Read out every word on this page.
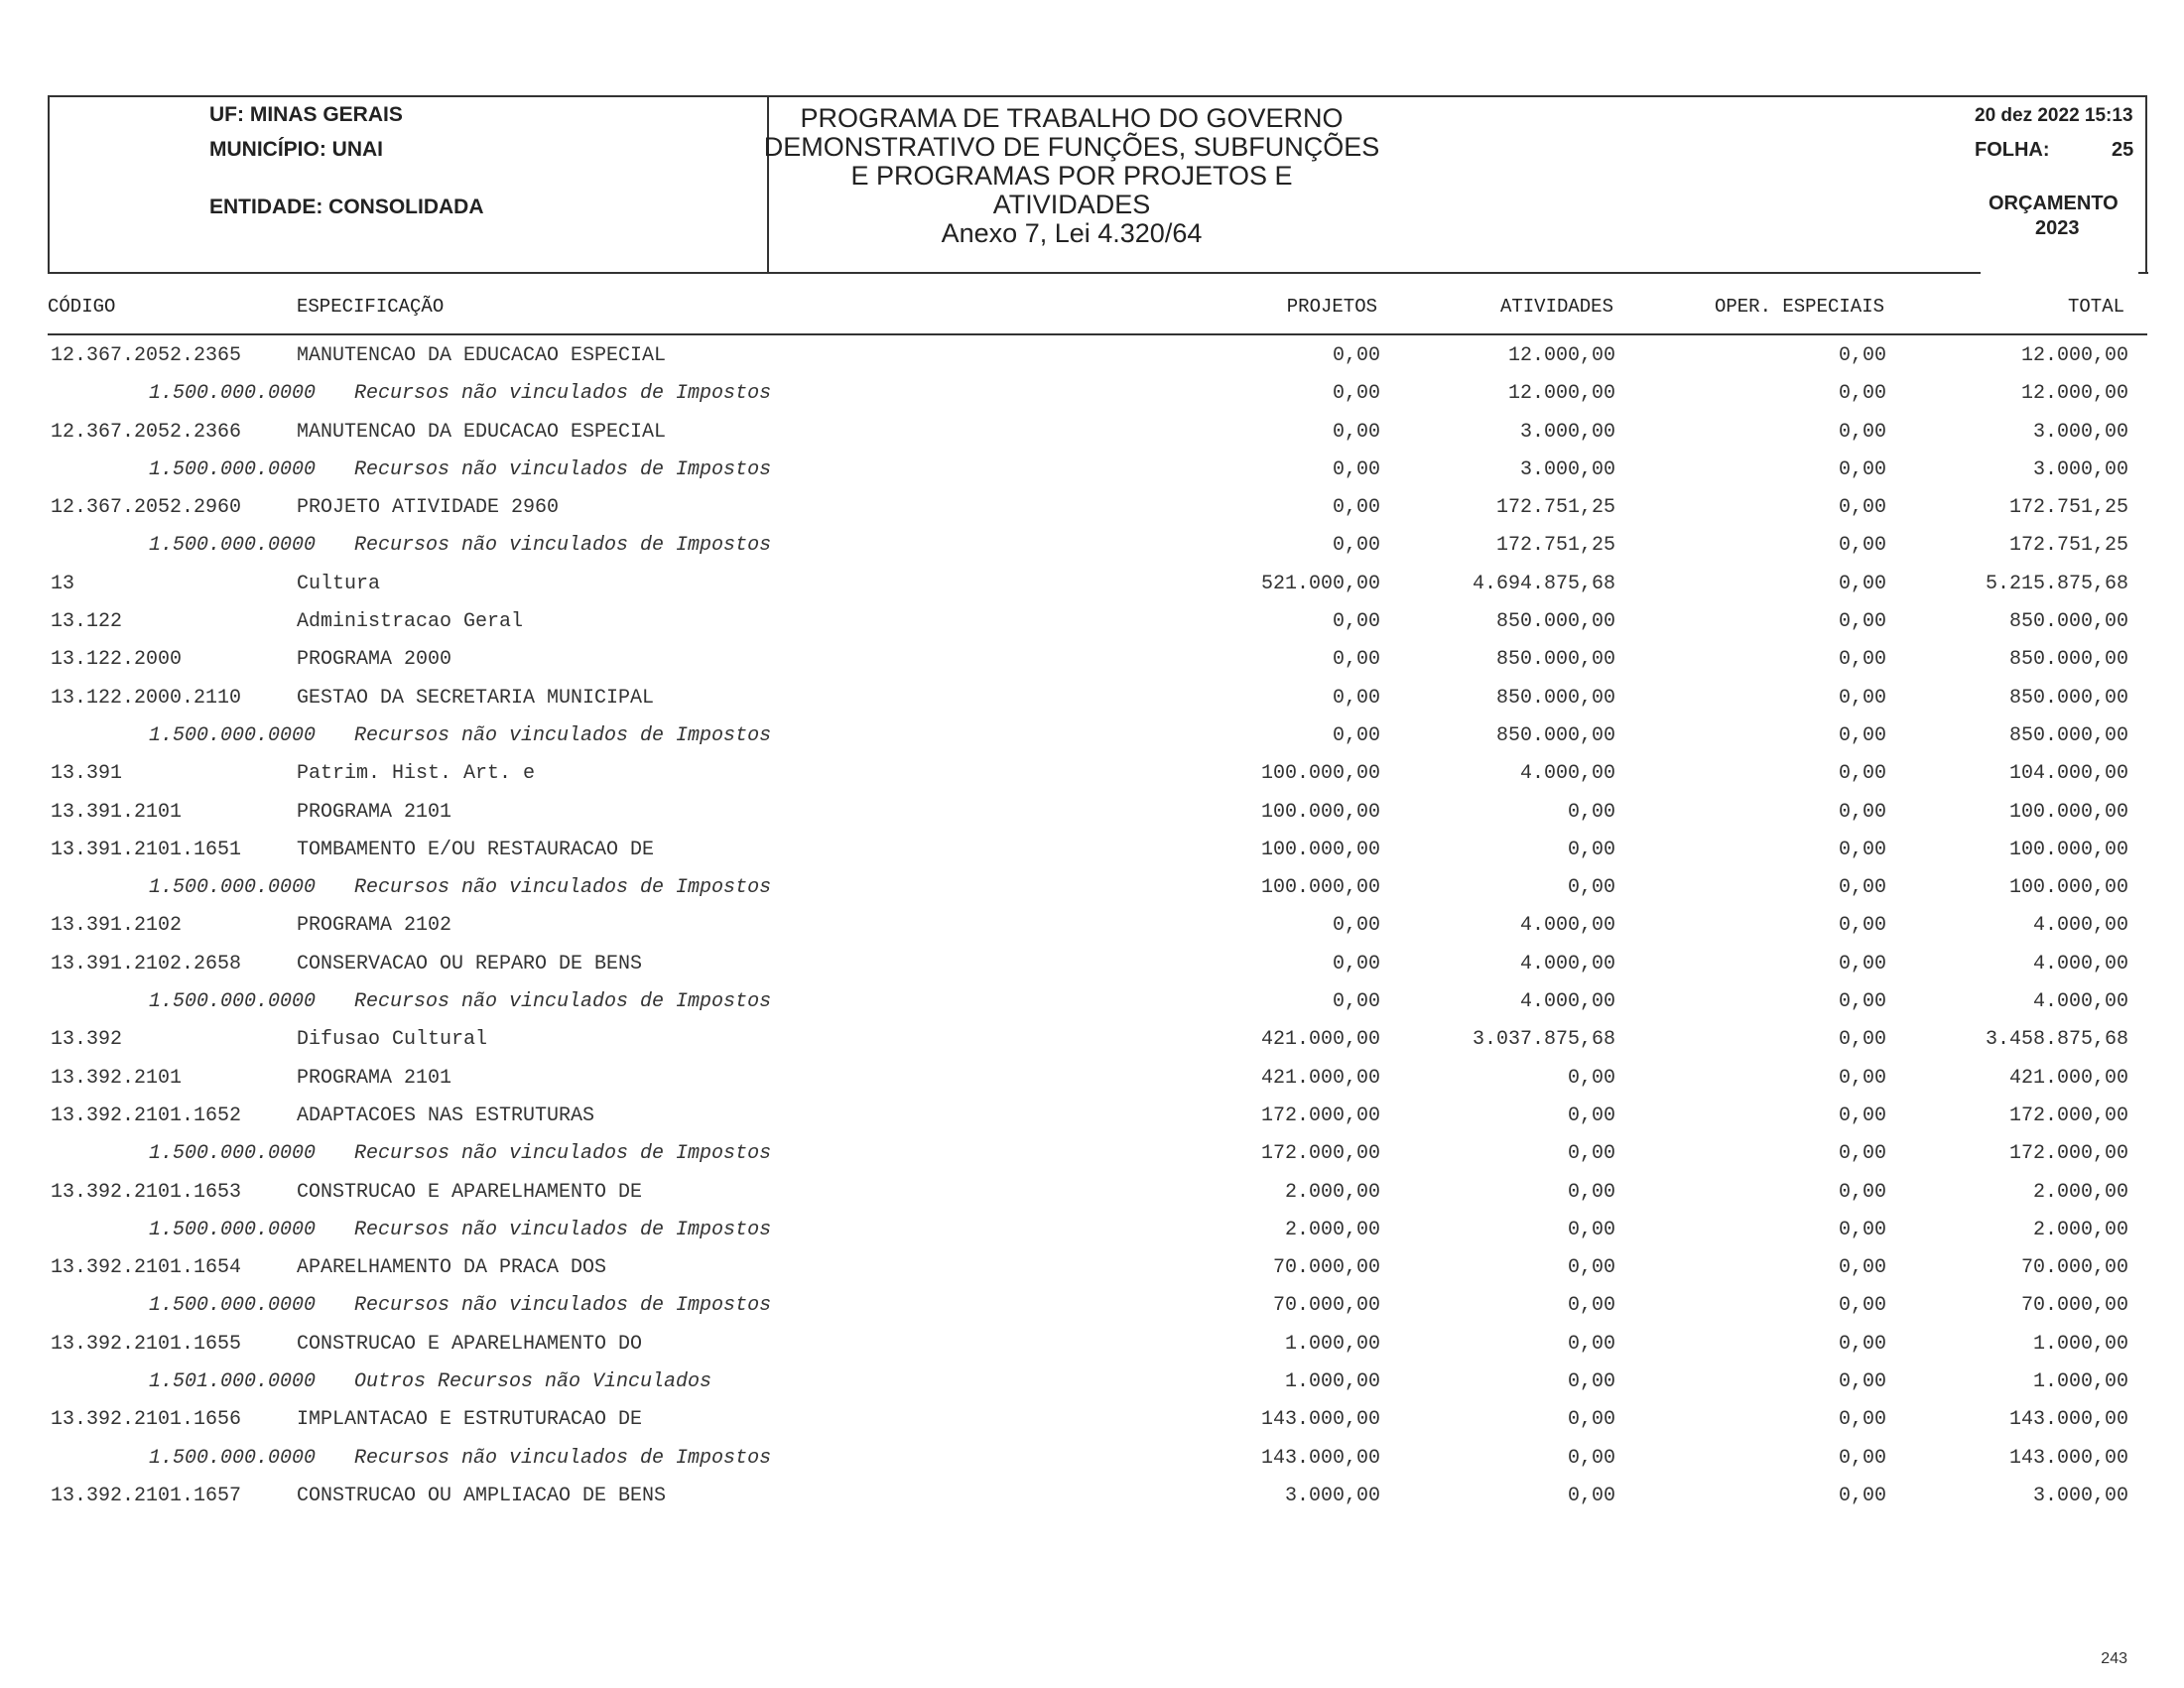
UF: MINAS GERAIS
MUNICÍPIO: UNAI
ENTIDADE: CONSOLIDADA
PROGRAMA DE TRABALHO DO GOVERNO
DEMONSTRATIVO DE FUNÇÕES, SUBFUNÇÕES
E PROGRAMAS POR PROJETOS E
ATIVIDADES
Anexo 7, Lei 4.320/64
20 dez 2022 15:13
FOLHA:	25
ORÇAMENTO
2023
CÓDIGO	ESPECIFICAÇÃO	PROJETOS	ATIVIDADES	OPER. ESPECIAIS	TOTAL
12.367.2052.2365	MANUTENCAO DA EDUCACAO ESPECIAL	0,00	12.000,00	0,00	12.000,00
1.500.000.0000 Recursos não vinculados de Impostos	0,00	12.000,00	0,00	12.000,00
12.367.2052.2366	MANUTENCAO DA EDUCACAO ESPECIAL	0,00	3.000,00	0,00	3.000,00
1.500.000.0000 Recursos não vinculados de Impostos	0,00	3.000,00	0,00	3.000,00
12.367.2052.2960	PROJETO ATIVIDADE 2960	0,00	172.751,25	0,00	172.751,25
1.500.000.0000 Recursos não vinculados de Impostos	0,00	172.751,25	0,00	172.751,25
13	Cultura	521.000,00	4.694.875,68	0,00	5.215.875,68
13.122	Administracao Geral	0,00	850.000,00	0,00	850.000,00
13.122.2000	PROGRAMA 2000	0,00	850.000,00	0,00	850.000,00
13.122.2000.2110	GESTAO DA SECRETARIA MUNICIPAL	0,00	850.000,00	0,00	850.000,00
1.500.000.0000 Recursos não vinculados de Impostos	0,00	850.000,00	0,00	850.000,00
13.391	Patrim. Hist. Art. e	100.000,00	4.000,00	0,00	104.000,00
13.391.2101	PROGRAMA 2101	100.000,00	0,00	0,00	100.000,00
13.391.2101.1651	TOMBAMENTO E/OU RESTAURACAO DE	100.000,00	0,00	0,00	100.000,00
1.500.000.0000 Recursos não vinculados de Impostos	100.000,00	0,00	0,00	100.000,00
13.391.2102	PROGRAMA 2102	0,00	4.000,00	0,00	4.000,00
13.391.2102.2658	CONSERVACAO OU REPARO DE BENS	0,00	4.000,00	0,00	4.000,00
1.500.000.0000 Recursos não vinculados de Impostos	0,00	4.000,00	0,00	4.000,00
13.392	Difusao Cultural	421.000,00	3.037.875,68	0,00	3.458.875,68
13.392.2101	PROGRAMA 2101	421.000,00	0,00	0,00	421.000,00
13.392.2101.1652	ADAPTACOES NAS ESTRUTURAS	172.000,00	0,00	0,00	172.000,00
1.500.000.0000 Recursos não vinculados de Impostos	172.000,00	0,00	0,00	172.000,00
13.392.2101.1653	CONSTRUCAO E APARELHAMENTO DE	2.000,00	0,00	0,00	2.000,00
1.500.000.0000 Recursos não vinculados de Impostos	2.000,00	0,00	0,00	2.000,00
13.392.2101.1654	APARELHAMENTO DA PRACA DOS	70.000,00	0,00	0,00	70.000,00
1.500.000.0000 Recursos não vinculados de Impostos	70.000,00	0,00	0,00	70.000,00
13.392.2101.1655	CONSTRUCAO E APARELHAMENTO DO	1.000,00	0,00	0,00	1.000,00
1.501.000.0000 Outros Recursos não Vinculados	1.000,00	0,00	0,00	1.000,00
13.392.2101.1656	IMPLANTACAO E ESTRUTURACAO DE	143.000,00	0,00	0,00	143.000,00
1.500.000.0000 Recursos não vinculados de Impostos	143.000,00	0,00	0,00	143.000,00
13.392.2101.1657	CONSTRUCAO OU AMPLIACAO DE BENS	3.000,00	0,00	0,00	3.000,00
243
